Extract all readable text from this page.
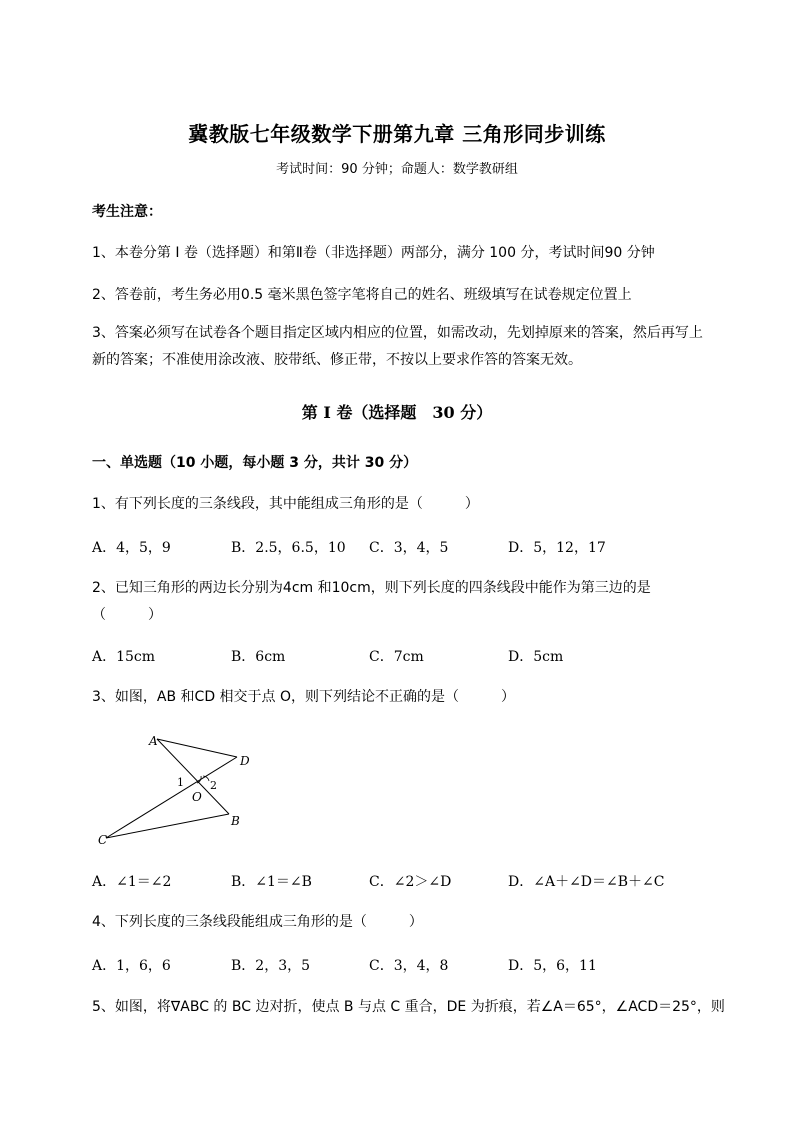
冀教版七年级数学下册第九章 三角形同步训练
考试时间：90 分钟；命题人：数学教研组
考生注意：
1、本卷分第 I 卷（选择题）和第Ⅱ卷（非选择题）两部分，满分 100 分，考试时间90 分钟
2、答卷前，考生务必用0.5 毫米黑色签字笔将自己的姓名、班级填写在试卷规定位置上
3、答案必须写在试卷各个题目指定区域内相应的位置，如需改动，先划掉原来的答案，然后再写上新的答案；不准使用涂改液、胶带纸、修正带，不按以上要求作答的答案无效。
第 I 卷（选择题　30 分）
一、单选题（10 小题，每小题 3 分，共计 30 分）
1、有下列长度的三条线段，其中能组成三角形的是（　　　）
A．4，5，9	B．2.5，6.5，10 C．3，4，5	D．5，12，17
2、已知三角形的两边长分别为4cm 和10cm，则下列长度的四条线段中能作为第三边的是
（　　　）
A．15cm	B．6cm	C．7cm	D．5cm
3、如图，AB 和CD 相交于点 O，则下列结论不正确的是（　　　）
A
D
1 2
O
B
C
A．∠1＝∠2	B．∠1＝∠B	C．∠2＞∠D	D．∠A＋∠D＝∠B＋∠C
4、下列长度的三条线段能组成三角形的是（　　　）
A．1，6，6	B．2，3，5	C．3，4，8	D．5，6，11
5、如图，将∇ABC 的 BC 边对折，使点 B 与点 C 重合，DE 为折痕，若∠A＝65°，∠ACD＝25°，则
